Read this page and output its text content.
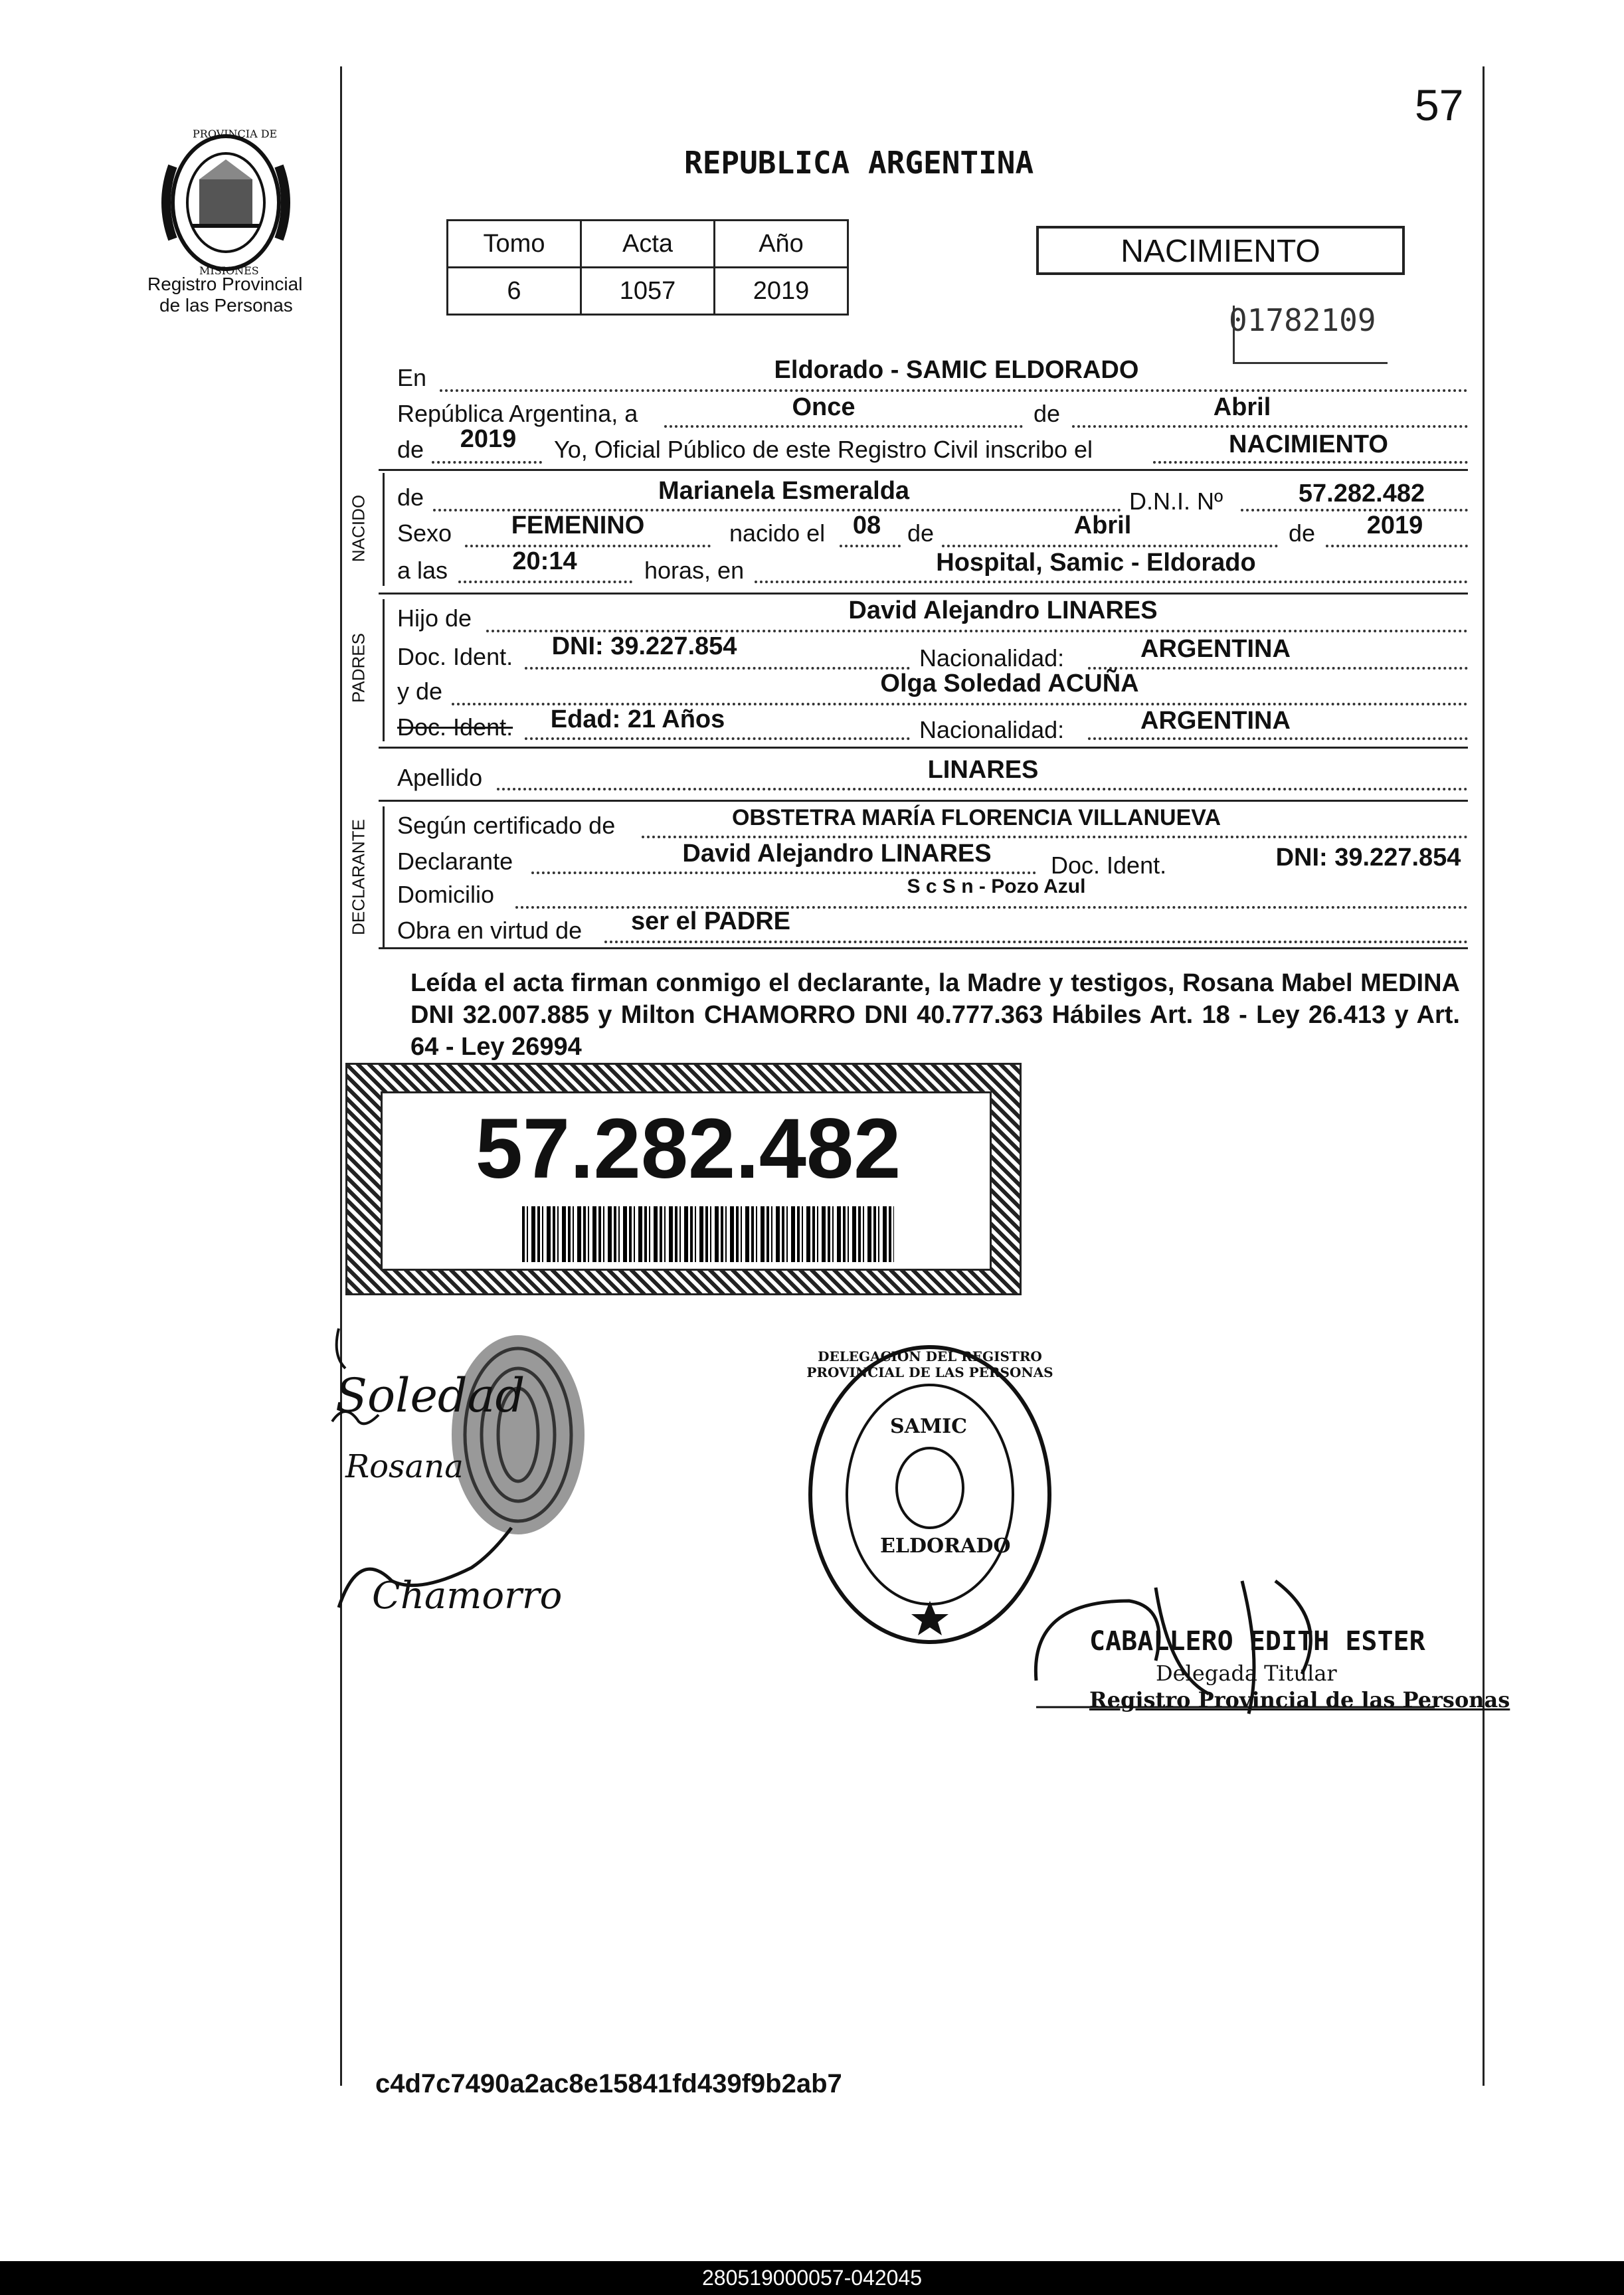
57
PROVINCIA DE
MISIONES
Registro Provincial
de las Personas
REPUBLICA ARGENTINA
Tomo	Acta	Año
6	1057	2019
NACIMIENTO
01782109
En	Eldorado - SAMIC ELDORADO
República Argentina, a	Once	de	Abril
de	2019	Yo, Oficial Público de este Registro Civil inscribo el	NACIMIENTO
NACIDO de	Marianela Esmeralda	D.N.I. Nº	57.282.482
Sexo	FEMENINO	nacido el	08	de	Abril	de	2019
a las	20:14	horas, en	Hospital, Samic - Eldorado
PADRES
Hijo de	David Alejandro LINARES
Doc. Ident.	DNI: 39.227.854	Nacionalidad:	ARGENTINA
y de	Olga Soledad ACUÑA
Doc. Ident.	Edad: 21 Años	Nacionalidad:	ARGENTINA
Apellido	LINARES
DECLARANTE Según certificado de	OBSTETRA MARÍA FLORENCIA VILLANUEVA
Declarante	David Alejandro LINARES	Doc. Ident.	DNI: 39.227.854
Domicilio	S c S n - Pozo Azul
Obra en virtud de	ser el PADRE
Leída el acta firman conmigo el declarante, la Madre y testigos, Rosana Mabel MEDINA DNI 32.007.885 y Milton CHAMORRO DNI 40.777.363 Hábiles Art. 18 - Ley 26.413 y Art. 64 - Ley 26994
57.282.482
Soledad
Rosana
Chamorro
DELEGACION DEL REGISTRO PROVINCIAL DE LAS PERSONAS
SAMIC
ELDORADO
CABALLERO EDITH ESTER
Delegada Titular
Registro Provincial de las Personas
c4d7c7490a2ac8e15841fd439f9b2ab7
280519000057-042045
